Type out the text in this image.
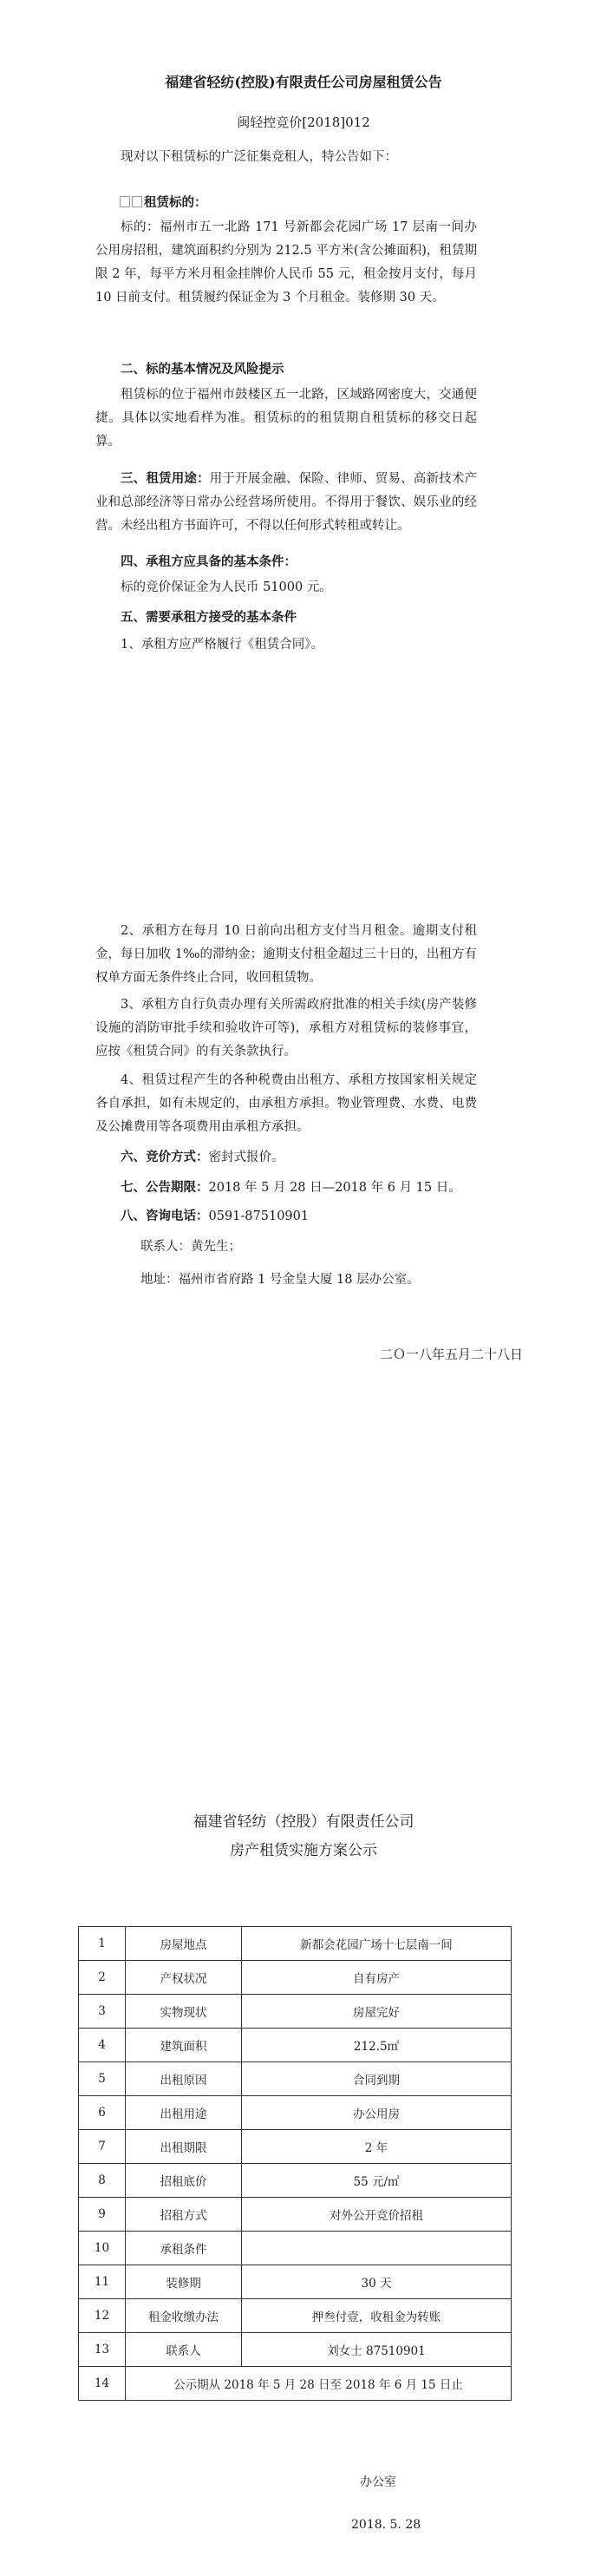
福建省轻纺(控股)有限责任公司房屋租赁公告
闽轻控竞价[2018]012
现对以下租赁标的广泛征集竞租人，特公告如下：
租赁标的：
标的：福州市五一北路 171 号新都会花园广场 17 层南一间办公用房招租，建筑面积约分别为 212.5 平方米(含公摊面积)，租赁期限 2 年，每平方米月租金挂牌价人民币 55 元，租金按月支付，每月 10 日前支付。租赁履约保证金为 3 个月租金。装修期 30 天。
二、标的基本情况及风险提示
租赁标的位于福州市鼓楼区五一北路，区域路网密度大，交通便捷。具体以实地看样为准。租赁标的的租赁期自租赁标的移交日起算。
三、租赁用途：用于开展金融、保险、律师、贸易、高新技术产业和总部经济等日常办公经营场所使用。不得用于餐饮、娱乐业的经营。未经出租方书面许可，不得以任何形式转租或转让。
四、承租方应具备的基本条件：
标的竞价保证金为人民币 51000 元。
五、需要承租方接受的基本条件
1、承租方应严格履行《租赁合同》。
2、承租方在每月 10 日前向出租方支付当月租金。逾期支付租金，每日加收 1‰的滞纳金；逾期支付租金超过三十日的，出租方有权单方面无条件终止合同，收回租赁物。
3、承租方自行负责办理有关所需政府批准的相关手续(房产装修设施的消防审批手续和验收许可等)，承租方对租赁标的装修事宜，应按《租赁合同》的有关条款执行。
4、租赁过程产生的各种税费由出租方、承租方按国家相关规定各自承担，如有未规定的，由承租方承担。物业管理费、水费、电费及公摊费用等各项费用由承租方承担。
六、竞价方式：密封式报价。
七、公告期限：2018 年 5 月 28 日—2018 年 6 月 15 日。
八、咨询电话：0591-87510901
联系人：黄先生；
地址：福州市省府路 1 号金皇大厦 18 层办公室。
二Ｏ一八年五月二十八日
福建省轻纺（控股）有限责任公司
房产租赁实施方案公示
1	房屋地点	新都会花园广场十七层南一间
2	产权状况	自有房产
3	实物现状	房屋完好
4	建筑面积	212.5㎡
5	出租原因	合同到期
6	出租用途	办公用房
7	出租期限	2 年
8	招租底价	55 元/㎡
9	招租方式	对外公开竞价招租
10	承租条件	
11	装修期	30 天
12	租金收缴办法	押叁付壹，收租金为转账
13	联系人	刘女士 87510901
14	公示期从 2018 年 5 月 28 日至 2018 年 6 月 15 日止	
办公室
2018. 5. 28
